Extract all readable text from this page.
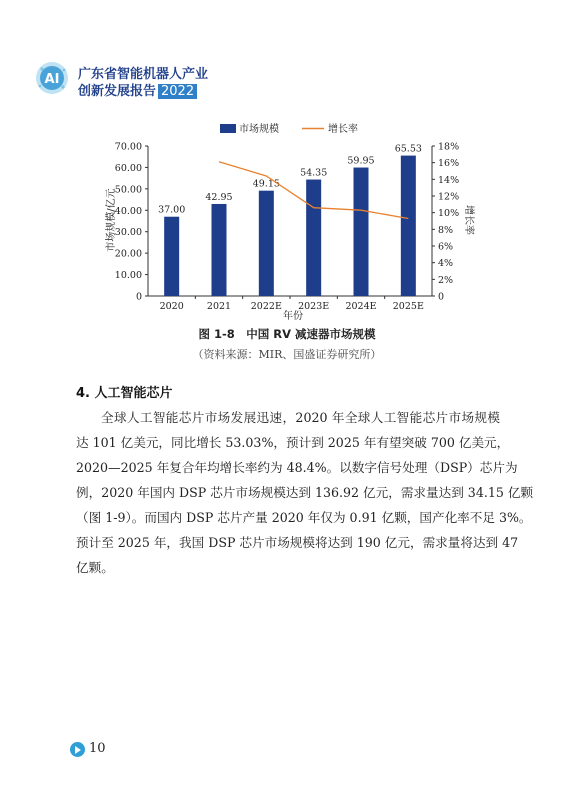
AI 广东省智能机器人产业
创新发展报告 2022
市场规模	增长率
0
10.00
20.00
30.00
40.00
50.00
60.00
70.00
0
2%
4%
6%
8%
10%
12%
14%
16%
18%
37.00
42.95
49.15
54.35
59.95
65.53
2020 2021 2022E 2023E 2024E 2025E
年份
市场规模/亿元	增长率
图 1-8　中国 RV 减速器市场规模
（资料来源：MIR、国盛证券研究所）
4. 人工智能芯片
全球人工智能芯片市场发展迅速，2020 年全球人工智能芯片市场规模
达 101 亿美元，同比增长 53.03%，预计到 2025 年有望突破 700 亿美元，
2020—2025 年复合年均增长率约为 48.4%。以数字信号处理（DSP）芯片为
例，2020 年国内 DSP 芯片市场规模达到 136.92 亿元，需求量达到 34.15 亿颗
（图 1-9）。而国内 DSP 芯片产量 2020 年仅为 0.91 亿颗，国产化率不足 3%。
预计至 2025 年，我国 DSP 芯片市场规模将达到 190 亿元，需求量将达到 47
亿颗。
10
